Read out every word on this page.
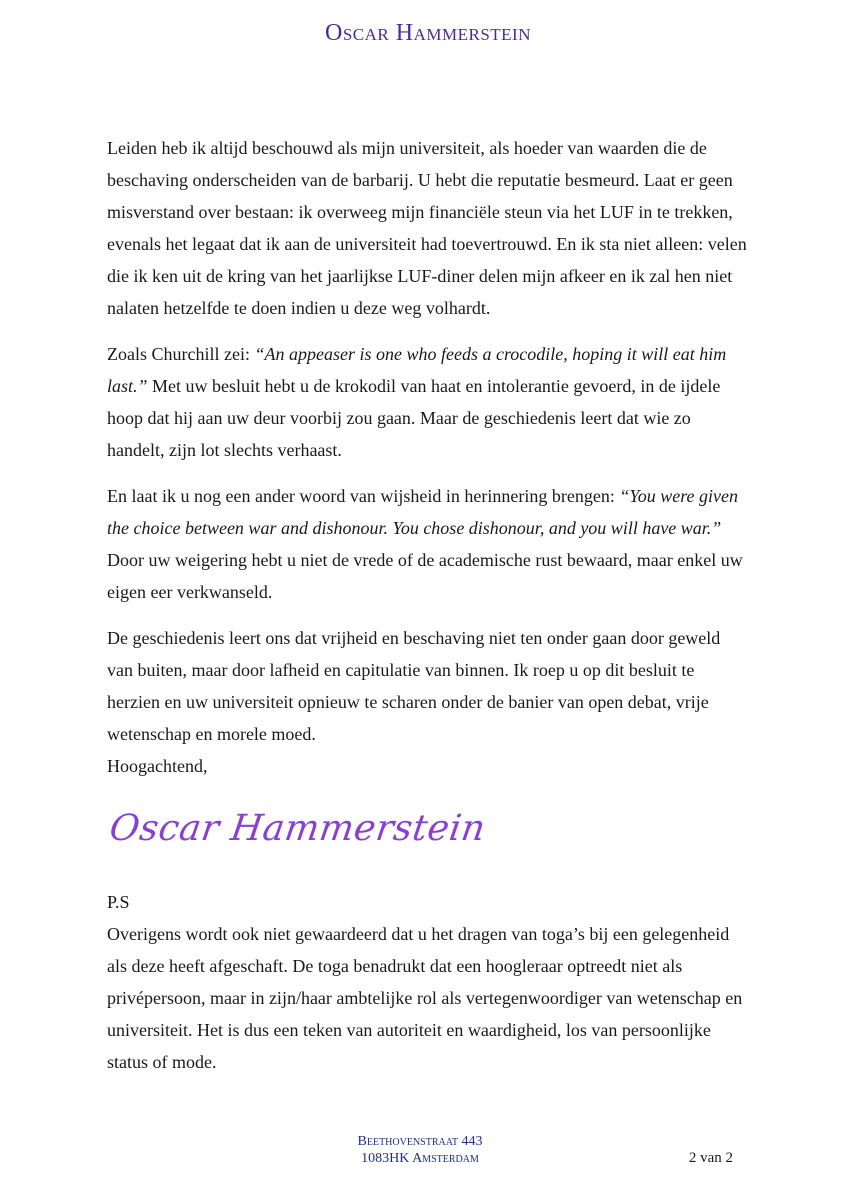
Oscar Hammerstein

Leiden heb ik altijd beschouwd als mijn universiteit, als hoeder van waarden die de beschaving onderscheiden van de barbarij. U hebt die reputatie besmeurd. Laat er geen misverstand over bestaan: ik overweeg mijn financiële steun via het LUF in te trekken, evenals het legaat dat ik aan de universiteit had toevertrouwd. En ik sta niet alleen: velen die ik ken uit de kring van het jaarlijkse LUF-diner delen mijn afkeer en ik zal hen niet nalaten hetzelfde te doen indien u deze weg volhardt.

Zoals Churchill zei: “An appeaser is one who feeds a crocodile, hoping it will eat him last.” Met uw besluit hebt u de krokodil van haat en intolerantie gevoerd, in de ijdele hoop dat hij aan uw deur voorbij zou gaan. Maar de geschiedenis leert dat wie zo handelt, zijn lot slechts verhaast.

En laat ik u nog een ander woord van wijsheid in herinnering brengen: “You were given the choice between war and dishonour. You chose dishonour, and you will have war.” Door uw weigering hebt u niet de vrede of de academische rust bewaard, maar enkel uw eigen eer verkwanseld.

De geschiedenis leert ons dat vrijheid en beschaving niet ten onder gaan door geweld van buiten, maar door lafheid en capitulatie van binnen. Ik roep u op dit besluit te herzien en uw universiteit opnieuw te scharen onder de banier van open debat, vrije wetenschap en morele moed.

Hoogachtend,
Oscar Hammerstein

P.S

Overigens wordt ook niet gewaardeerd dat u het dragen van toga’s bij een gelegenheid als deze heeft afgeschaft. De toga benadrukt dat een hoogleraar optreedt niet als privépersoon, maar in zijn/haar ambtelijke rol als vertegenwoordiger van wetenschap en universiteit. Het is dus een teken van autoriteit en waardigheid, los van persoonlijke status of mode.

Beethovenstraat 443
1083HK Amsterdam	2 van 2
